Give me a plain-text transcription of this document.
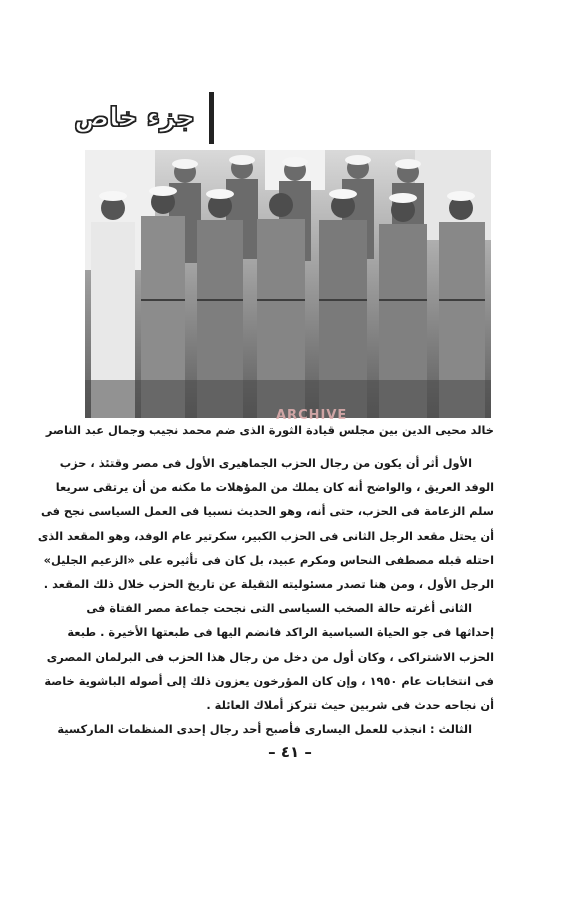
جزء خاص
ARCHIVE
خالد محيى الدين بين مجلس قيادة الثورة الذى ضم محمد نجيب وجمال عبد الناصر

الأول أثر أن يكون من رجال الحزب الجماهيرى الأول فى مصر وقتئذ ، حزب

الوفد العريق ، والواضح أنه كان يملك من المؤهلات ما مكنه من أن يرتقى سريعا

سلم الزعامة فى الحزب، حتى أنه، وهو الحديث نسبيا فى العمل السياسى نجح فى

أن يحتل مقعد الرجل الثانى فى الحزب الكبير، سكرتير عام الوفد، وهو المقعد الذى

احتله قبله مصطفى النحاس ومكرم عبيد، بل كان فى تأثيره على «الزعيم الجليل»

الرجل الأول ، ومن هنا تصدر مسئوليته الثقيلة عن تاريخ الحزب خلال ذلك المقعد .

الثانى أغرته حالة الصخب السياسى التى نجحت جماعة مصر الفتاة فى

إحداثها فى جو الحياة السياسية الراكد فانضم اليها فى طبعتها الأخيرة . طبعة

الحزب الاشتراكى ، وكان أول من دخل من رجال هذا الحزب فى البرلمان المصرى

فى انتخابات عام ١٩٥٠ ، وإن كان المؤرخون يعزون ذلك إلى أصوله الباشوية خاصة

أن نجاحه حدث فى شربين حيث تتركز أملاك العائلة .

الثالث : انجذب للعمل اليسارى فأصبح أحد رجال إحدى المنظمات الماركسية

– ٤١ –
